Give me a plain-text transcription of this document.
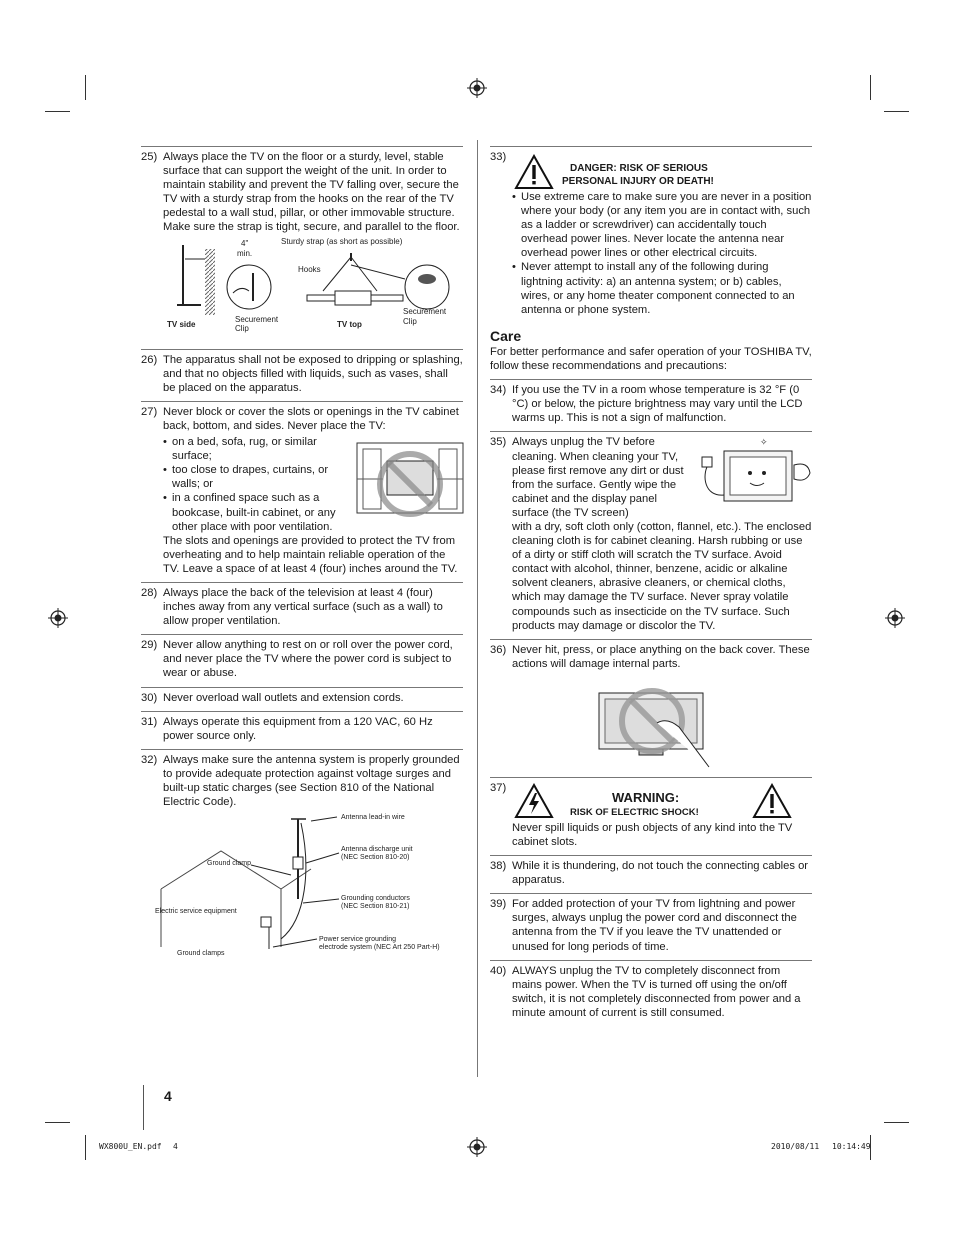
25) Always place the TV on the floor or a sturdy, level, stable surface that can support the weight of the unit. In order to maintain stability and prevent the TV falling over, secure the TV with a sturdy strap from the hooks on the rear of the TV pedestal to a wall stud, pillar, or other immovable structure. Make sure the strap is tight, secure, and parallel to the floor.

4"
min.
Sturdy strap (as short as possible)
Hooks
Securement
Clip
Securement
Clip
TV side	TV top
26) The apparatus shall not be exposed to dripping or splashing, and that no objects filled with liquids, such as vases, shall be placed on the apparatus.

27) Never block or cover the slots or openings in the TV cabinet back, bottom, and sides. Never place the TV:

• on a bed, sofa, rug, or similar surface;
• too close to drapes, curtains, or walls; or
• in a confined space such as a bookcase, built-in cabinet, or any other place with poor ventilation.

The slots and openings are provided to protect the TV from overheating and to help maintain reliable operation of the TV. Leave a space of at least 4 (four) inches around the TV.

28) Always place the back of the television at least 4 (four) inches away from any vertical surface (such as a wall) to allow proper ventilation.

29) Never allow anything to rest on or roll over the power cord, and never place the TV where the power cord is subject to wear or abuse.

30) Never overload wall outlets and extension cords.

31) Always operate this equipment from a 120 VAC, 60 Hz power source only.

32) Always make sure the antenna system is properly grounded to provide adequate protection against voltage surges and built-up static charges (see Section 810 of the National Electric Code).

Antenna lead-in wire
Ground clamp
Antenna discharge unit
(NEC Section 810-20)
Grounding conductors
(NEC Section 810-21)
Electric service equipment
Power service grounding
electrode system (NEC Art 250 Part-H)
Ground clamps
33)
DANGER: RISK OF SERIOUS
PERSONAL INJURY OR DEATH!
• Use extreme care to make sure you are never in a position where your body (or any item you are in contact with, such as a ladder or screwdriver) can accidentally touch overhead power lines. Never locate the antenna near overhead power lines or other electrical circuits.
• Never attempt to install any of the following during lightning activity: a) an antenna system; or b) cables, wires, or any home theater component connected to an antenna or phone system.
Care

For better performance and safer operation of your TOSHIBA TV, follow these recommendations and precautions:

34) If you use the TV in a room whose temperature is 32 °F (0 °C) or below, the picture brightness may vary until the LCD warms up. This is not a sign of malfunction.

35) Always unplug the TV before cleaning. When cleaning your TV, please first remove any dirt or dust from the surface. Gently wipe the cabinet and the display panel surface (the TV screen)

✧

with a dry, soft cloth only (cotton, flannel, etc.). The enclosed cleaning cloth is for cabinet cleaning. Harsh rubbing or use of a dirty or stiff cloth will scratch the TV surface. Avoid contact with alcohol, thinner, benzene, acidic or alkaline solvent cleaners, abrasive cleaners, or chemical cloths, which may damage the TV surface. Never spray volatile compounds such as insecticide on the TV surface. Such products may damage or discolor the TV.

36) Never hit, press, or place anything on the back cover. These actions will damage internal parts.

37)
WARNING:
RISK OF ELECTRIC SHOCK!

Never spill liquids or push objects of any kind into the TV cabinet slots.

38) While it is thundering, do not touch the connecting cables or apparatus.

39) For added protection of your TV from lightning and power surges, always unplug the power cord and disconnect the antenna from the TV if you leave the TV unattended or unused for long periods of time.

40) ALWAYS unplug the TV to completely disconnect from mains power. When the TV is turned off using the on/off switch, it is not completely disconnected from power and a minute amount of current is still consumed.

4
WX800U_EN.pdf 4	2010/08/11 10:14:49
